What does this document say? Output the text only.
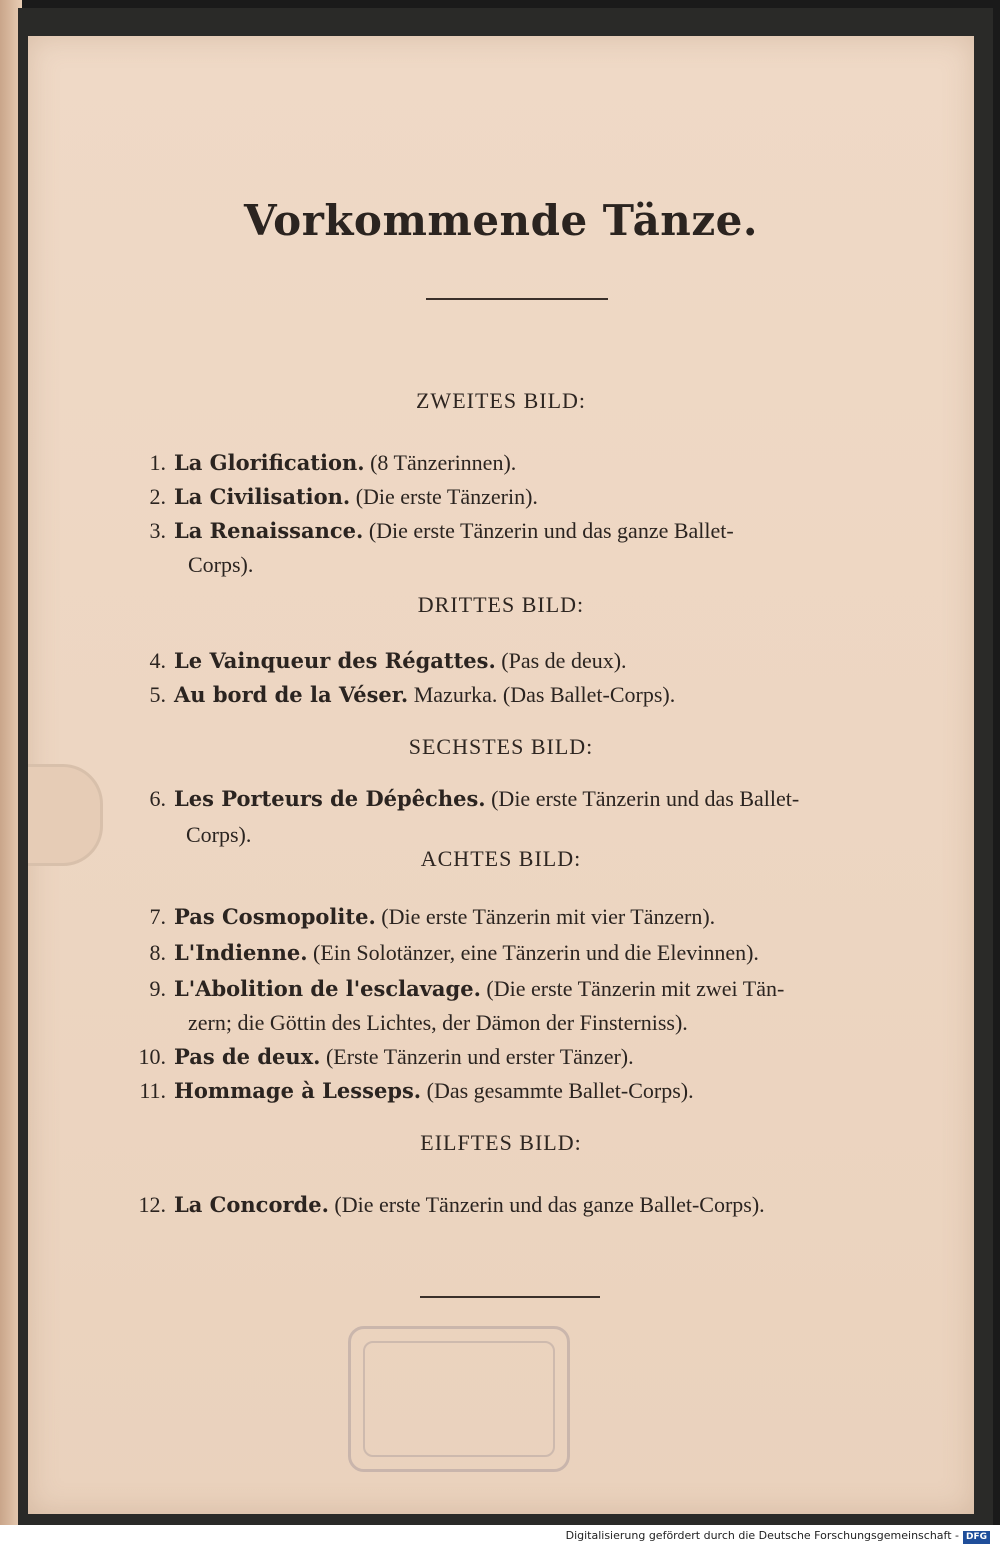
Vorkommende Tänze.
ZWEITES BILD:
1. La Glorification. (8 Tänzerinnen).
2. La Civilisation. (Die erste Tänzerin).
3. La Renaissance. (Die erste Tänzerin und das ganze Ballet-
Corps).
DRITTES BILD:
4. Le Vainqueur des Régattes. (Pas de deux).
5. Au bord de la Véser. Mazurka. (Das Ballet-Corps).
SECHSTES BILD:
6. Les Porteurs de Dépêches. (Die erste Tänzerin und das Ballet-
Corps).
ACHTES BILD:
7. Pas Cosmopolite. (Die erste Tänzerin mit vier Tänzern).
8. L'Indienne. (Ein Solotänzer, eine Tänzerin und die Elevinnen).
9. L'Abolition de l'esclavage. (Die erste Tänzerin mit zwei Tän-
zern; die Göttin des Lichtes, der Dämon der Finsterniss).
10. Pas de deux. (Erste Tänzerin und erster Tänzer).
11. Hommage à Lesseps. (Das gesammte Ballet-Corps).
EILFTES BILD:
12. La Concorde. (Die erste Tänzerin und das ganze Ballet-Corps).
Digitalisierung gefördert durch die Deutsche Forschungsgemeinschaft - DFG
